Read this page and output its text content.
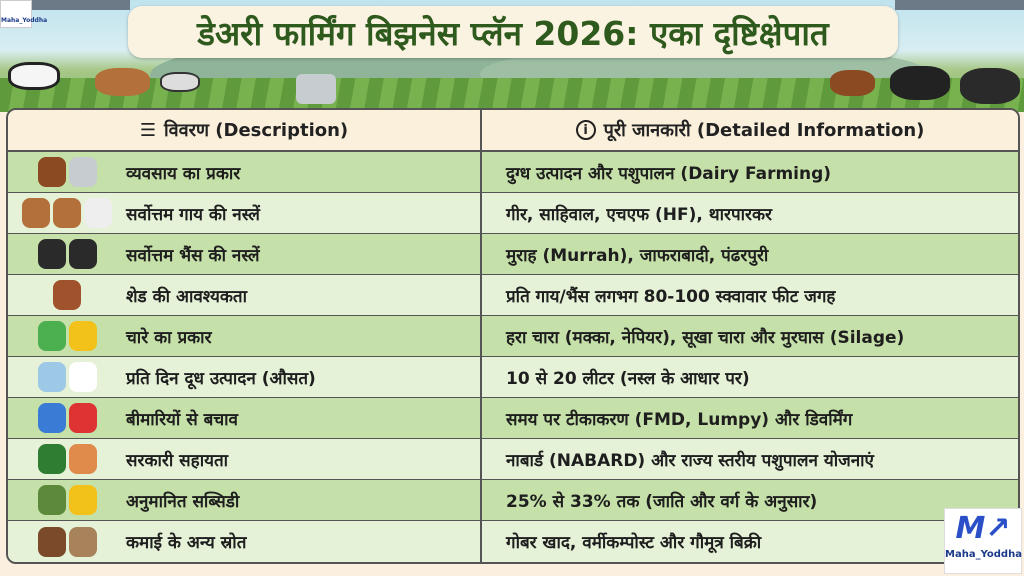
Maha_Yoddha	डेअरी फार्मिंग बिझनेस प्लॅन 2026: एका दृष्टिक्षेपात
☰ विवरण (Description)	i पूरी जानकारी (Detailed Information)
व्यवसाय का प्रकार	दुग्ध उत्पादन और पशुपालन (Dairy Farming)
सर्वोत्तम गाय की नस्लें	गीर, साहिवाल, एचएफ (HF), थारपारकर
सर्वोत्तम भैंस की नस्लें	मुराह (Murrah), जाफराबादी, पंढरपुरी
शेड की आवश्यकता	प्रति गाय/भैंस लगभग 80-100 स्क्वावार फीट जगह
चारे का प्रकार	हरा चारा (मक्का, नेपियर), सूखा चारा और मुरघास (Silage)
प्रति दिन दूध उत्पादन (औसत)	10 से 20 लीटर (नस्ल के आधार पर)
बीमारियों से बचाव	समय पर टीकाकरण (FMD, Lumpy) और डिवर्मिंग
सरकारी सहायता	नाबार्ड (NABARD) और राज्य स्तरीय पशुपालन योजनाएं
अनुमानित सब्सिडी	25% से 33% तक (जाति और वर्ग के अनुसार)
कमाई के अन्य स्रोत	गोबर खाद, वर्मीकम्पोस्ट और गौमूत्र बिक्री	M↗
Maha_Yoddha
